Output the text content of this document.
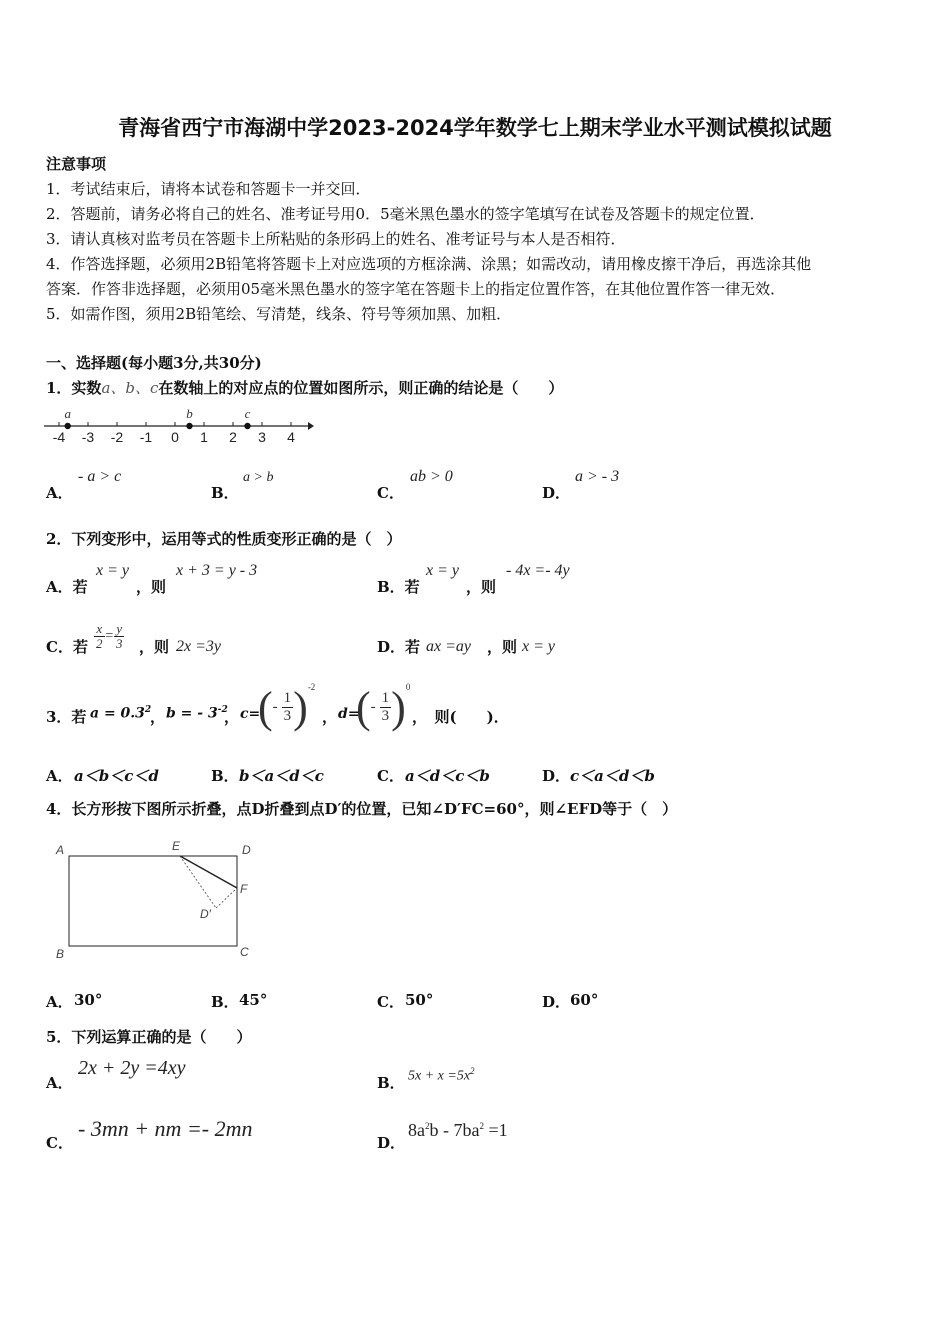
青海省西宁市海湖中学2023-2024学年数学七上期末学业水平测试模拟试题
注意事项
1．考试结束后，请将本试卷和答题卡一并交回．
2．答题前，请务必将自己的姓名、准考证号用0．5毫米黑色墨水的签字笔填写在试卷及答题卡的规定位置．
3．请认真核对监考员在答题卡上所粘贴的条形码上的姓名、准考证号与本人是否相符．
4．作答选择题，必须用2B铅笔将答题卡上对应选项的方框涂满、涂黑；如需改动，请用橡皮擦干净后，再选涂其他
答案．作答非选择题，必须用05毫米黑色墨水的签字笔在答题卡上的指定位置作答，在其他位置作答一律无效．
5．如需作图，须用2B铅笔绘、写清楚，线条、符号等须加黑、加粗．
一、选择题(每小题3分,共30分)
1．实数a、b、c在数轴上的对应点的位置如图所示，则正确的结论是（　　）
-4 -3 -2 -1 0 1 2 3 4
a	b	c
A．
- a > c
B．
a > b
C．
ab > 0
D．
a > - 3
2．下列变形中，运用等式的性质变形正确的是（　）
A．若
x = y
，则
x + 3 = y - 3
B．若
x = y
，则
- 4x =- 4y
C．若 $\frac{x}{2} = \frac{y}{3}$ ，则 2x =3y	D．若 ax =ay ，则 x = y
3．若 $a = 0.3^2$
， b = - $3^{-2}$
， c=
(- $\frac{1}{3} )^{-2}$
， d=
(- $\frac{1}{3} )^0$
，　则(　　)．
A． a＜b＜c＜d	B． b＜a＜d＜c	C． a＜d＜c＜b	D． c＜a＜d＜b
4．长方形按下图所示折叠，点D折叠到点D′的位置，已知∠D′FC=60°，则∠EFD等于（　）
A	E	D
F
D′
B	C
A． 30°	B． 45°	C． 50°	D． 60°
5．下列运算正确的是（　　）
A．
2x + 2y =4xy
B． $5x + x =5x^2$
C．
- 3mn + nm =- 2mn
D．
$8a^2b - 7ba^2 =1$
